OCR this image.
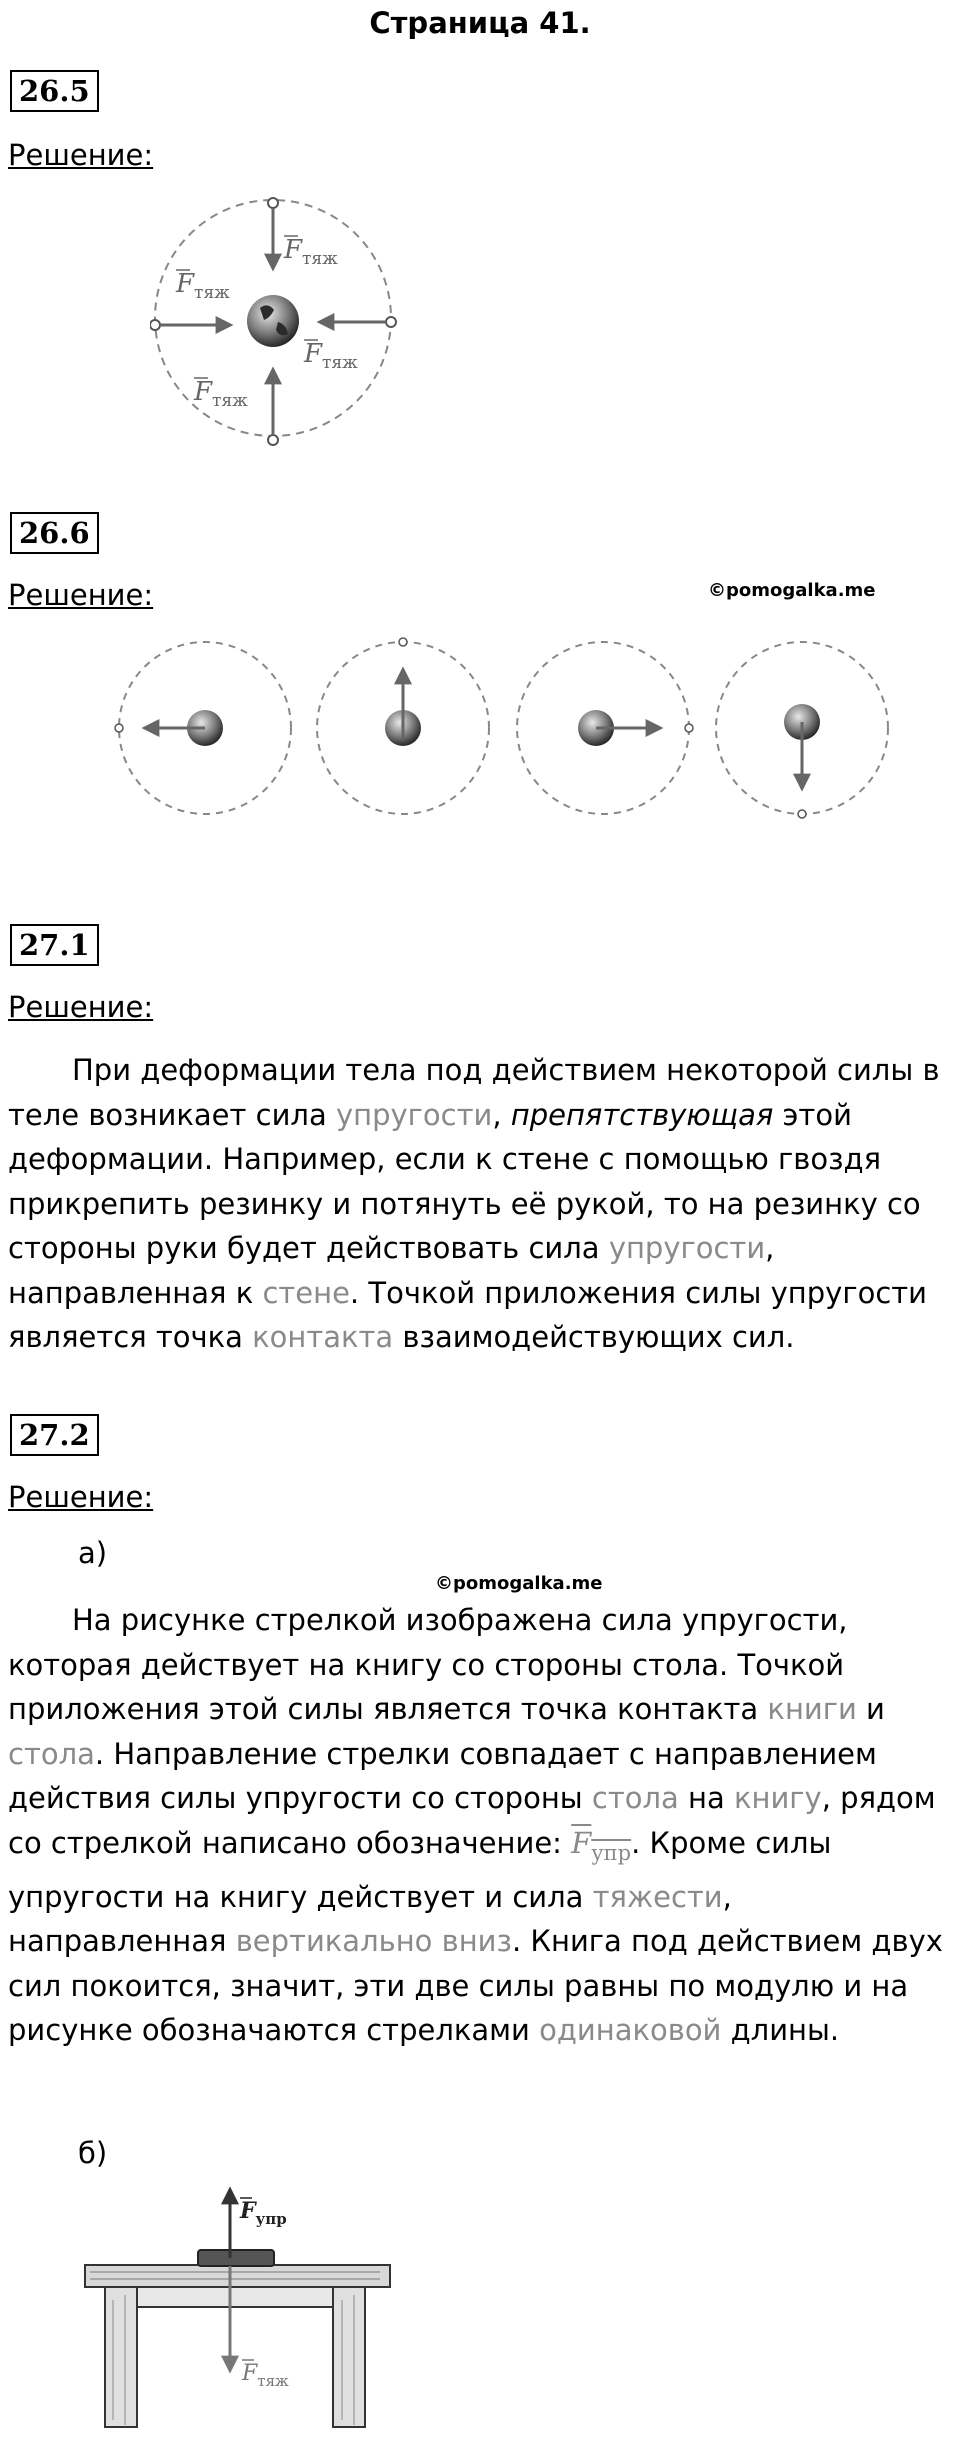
Страница 41.
26.5
Решение:
$F_{тяж}$
$F_{тяж}$
$F_{тяж}$
$F_{тяж}$
26.6
Решение:	©pomogalka.me
27.1
Решение:

При деформации тела под действием некоторой силы в теле возникает сила упругости, препятствующая этой деформации. Например, если к стене с помощью гвоздя прикрепить резинку и потянуть её рукой, то на резинку со стороны руки будет действовать сила упругости, направленная к стене. Точкой приложения силы упругости является точка контакта взаимодействующих сил.

27.2
Решение:
а)
©pomogalka.me

На рисунке стрелкой изображена сила упругости, которая действует на книгу со стороны стола. Точкой приложения этой силы является точка контакта книги и стола. Направление стрелки совпадает с направлением действия силы упругости со стороны стола на книгу, рядом со стрелкой написано обозначение: $F_{упр}$. Кроме силы упругости на книгу действует и сила тяжести, направленная вертикально вниз. Книга под действием двух сил покоится, значит, эти две силы равны по модулю и на рисунке обозначаются стрелками одинаковой длины.

б)
$F_{упр}$
$F_{тяж}$
